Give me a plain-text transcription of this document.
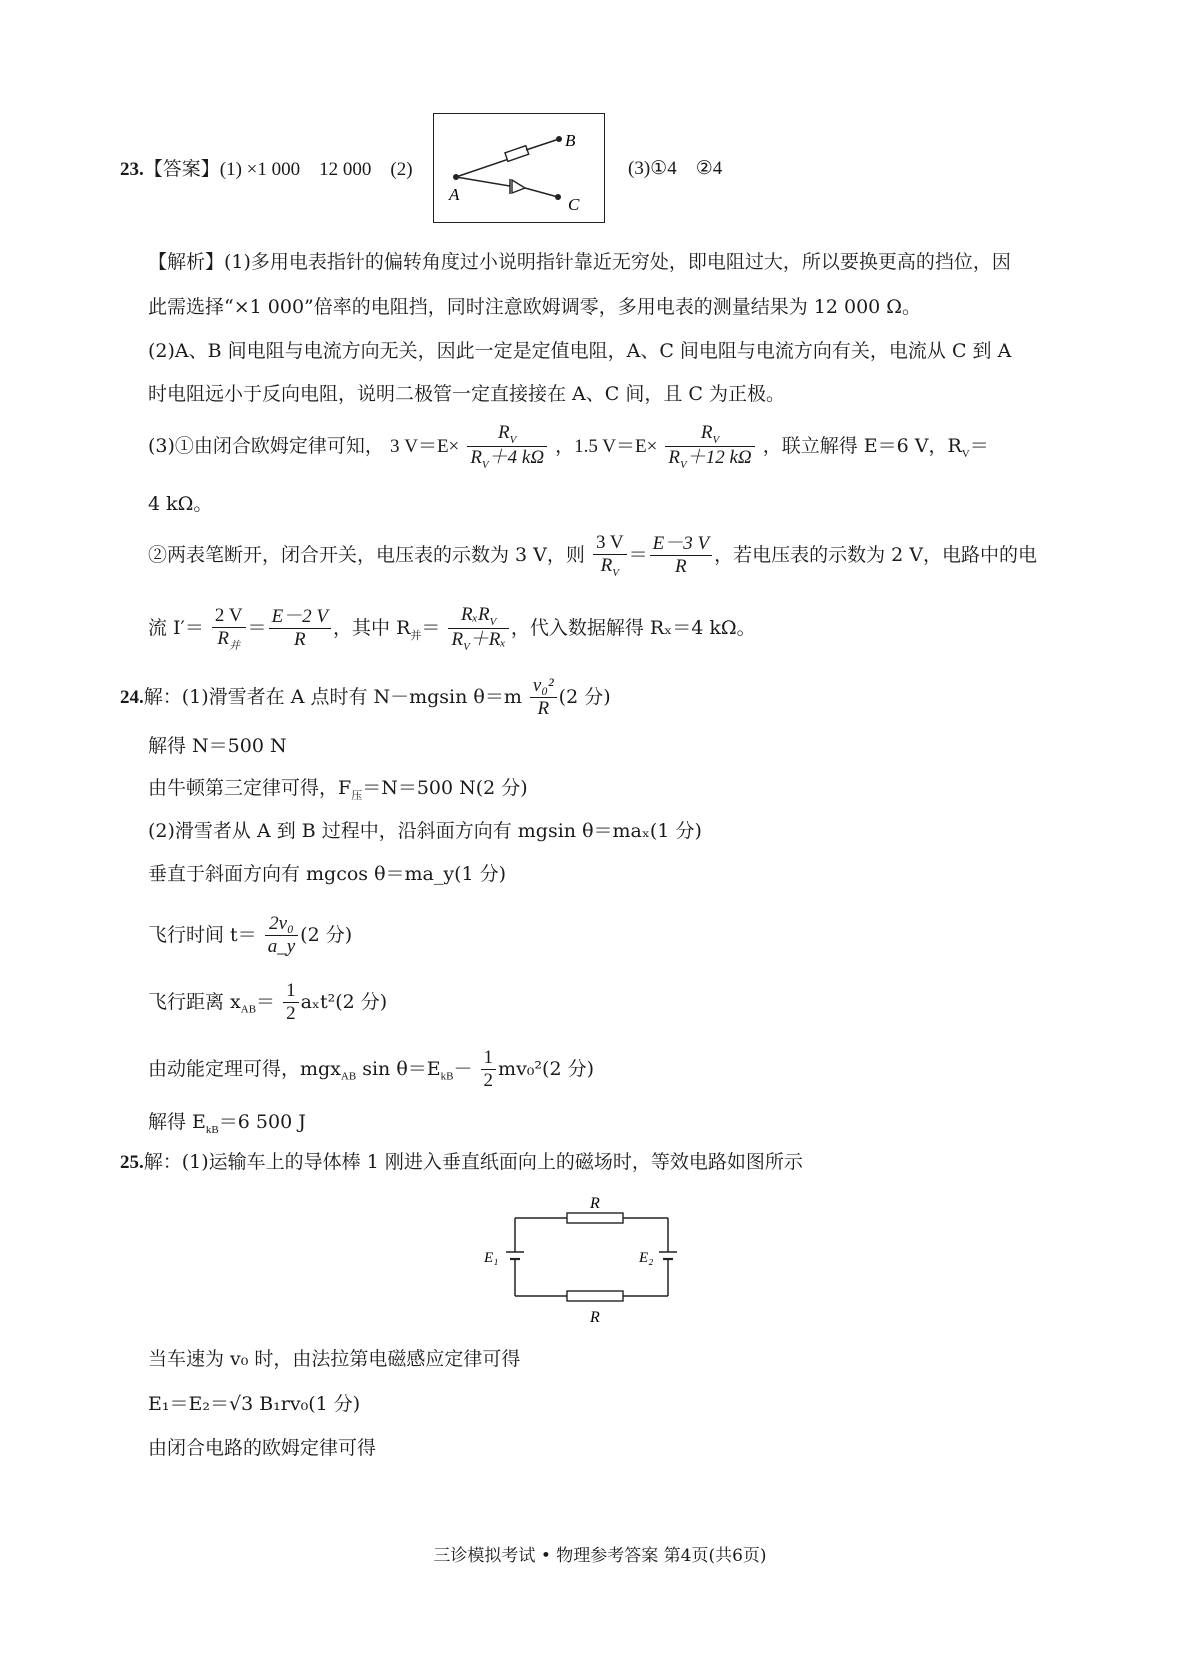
23.【答案】(1) ×1 000　12 000　(2)
A
B
C
(3)①4　②4
【解析】(1)多用电表指针的偏转角度过小说明指针靠近无穷处，即电阻过大，所以要换更高的挡位，因
此需选择“×1 000”倍率的电阻挡，同时注意欧姆调零，多用电表的测量结果为 12 000 Ω。
(2)A、B 间电阻与电流方向无关，因此一定是定值电阻，A、C 间电阻与电流方向有关，电流从 C 到 A
时电阻远小于反向电阻，说明二极管一定直接接在 A、C 间，且 C 为正极。
(3)①由闭合欧姆定律可知， 3 $V=E\times \frac{R_V}{R_V+4 k\Omega}$ ，1.5 $V=E\times \frac{R_V}{R_V+12 k\Omega}$ ，联立解得 E＝6 V，$R_V=$
4 kΩ。
②两表笔断开，闭合开关，电压表的示数为 3 V，则 $\frac{3 V}{R_V} = \frac{E-3 V}{R}$ ，若电压表的示数为 2 V，电路中的电
流 $I'= \frac{2 V}{R_并} = \frac{E-2 V}{R}$ ，其中 $R_并= \frac{R_xR_V}{R_V+R_x}$ ，代入数据解得 Rₓ＝4 kΩ。
24.解：(1)滑雪者在 A 点时有 N－mgsin $\theta=m \frac{\text{v₀²}}{R} (2$ 分)
解得 N＝500 N
由牛顿第三定律可得，$F_压=N=500$ N(2 分)
(2)滑雪者从 A 到 B 过程中，沿斜面方向有 mgsin θ＝maₓ(1 分)
垂直于斜面方向有 mgcos θ＝ma_y(1 分)
飞行时间 $t= \frac{\text{2v₀}}{a\_y} (2$ 分)
飞行距离 $x_{AB}= \frac{1}{2} a_xt^2(2$ 分)
由动能定理可得，mgx$_{AB}$ $\sin \theta=E_{kB}- \frac{1}{2} mv_0^2(2$ 分)
解得 $E_{kB}=6$ 500 J
25.解：(1)运输车上的导体棒 1 刚进入垂直纸面向上的磁场时，等效电路如图所示
R
R
E₁	E₂
当车速为 v₀ 时，由法拉第电磁感应定律可得
E₁＝E₂＝√3 B₁rv₀(1 分)
由闭合电路的欧姆定律可得
三诊模拟考试 • 物理参考答案 第4页(共6页)
